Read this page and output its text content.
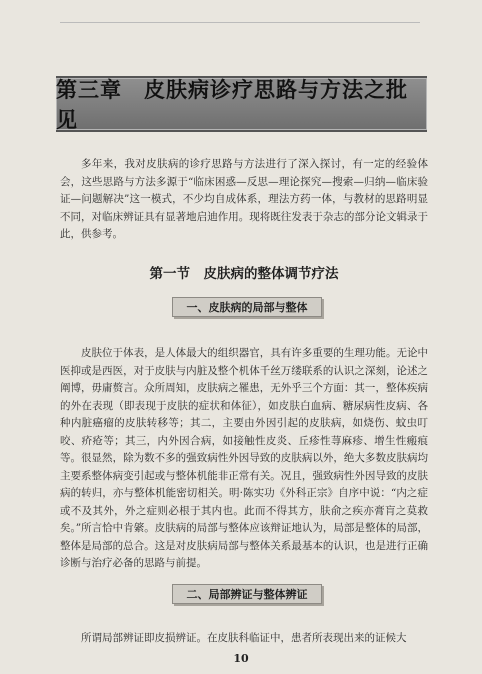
第三章　皮肤病诊疗思路与方法之批见

多年来，我对皮肤病的诊疗思路与方法进行了深入探讨，有一定的经验体会，这些思路与方法多源于“临床困惑—反思—理论探究—搜索—归纳—临床验证—问题解决”这一模式，不少均自成体系，理法方药一体，与教材的思路明显不同，对临床辨证具有显著地启迪作用。现将既往发表于杂志的部分论文辑录于此，供参考。

第一节　皮肤病的整体调节疗法
一、皮肤病的局部与整体

皮肤位于体表，是人体最大的组织器官，具有许多重要的生理功能。无论中医抑或是西医，对于皮肤与内脏及整个机体千丝万缕联系的认识之深刻，论述之阐博，毋庸赘言。众所周知，皮肤病之罹患，无外乎三个方面：其一，整体疾病的外在表现（即表现于皮肤的症状和体征），如皮肤白血病、糖尿病性皮病、各种内脏癌瘤的皮肤转移等；其二，主要由外因引起的皮肤病，如烧伤、蚊虫叮咬、疥疮等；其三，内外因合病，如接触性皮炎、丘疹性荨麻疹、增生性瘢痕等。很显然，除为数不多的强致病性外因导致的皮肤病以外，绝大多数皮肤病均主要系整体病变引起或与整体机能非正常有关。况且，强致病性外因导致的皮肤病的转归，亦与整体机能密切相关。明·陈实功《外科正宗》自序中说：“内之症或不及其外，外之症则必根于其内也。此而不得其方，肤俞之疾亦膏肓之莫救矣。”所言恰中肯綮。皮肤病的局部与整体应该辩证地认为，局部是整体的局部，整体是局部的总合。这是对皮肤病局部与整体关系最基本的认识，也是进行正确诊断与治疗必备的思路与前提。

二、局部辨证与整体辨证

所谓局部辨证即皮损辨证。在皮肤科临证中，患者所表现出来的证候大

10
